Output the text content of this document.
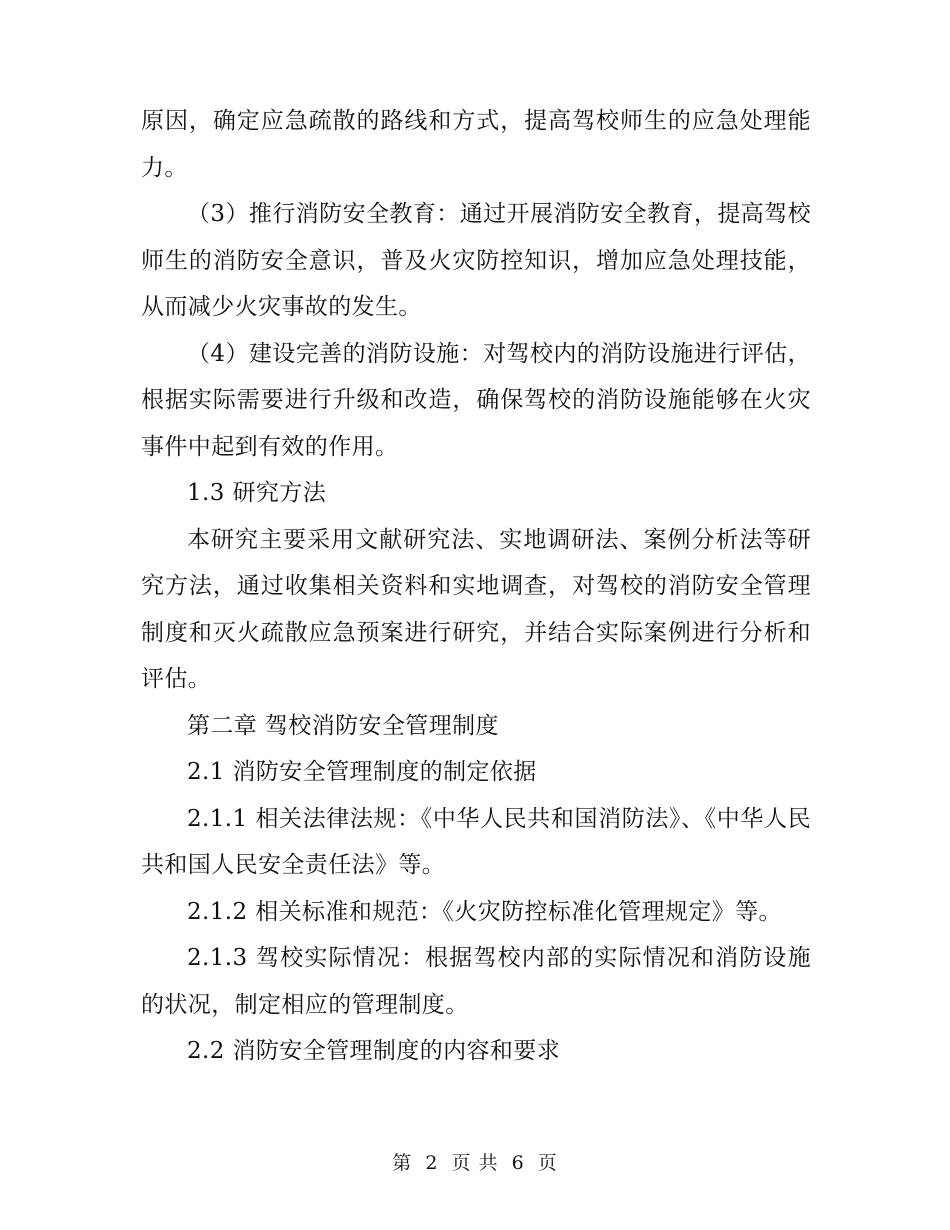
原因，确定应急疏散的路线和方式，提高驾校师生的应急处理能力。

（3）推行消防安全教育：通过开展消防安全教育，提高驾校师生的消防安全意识，普及火灾防控知识，增加应急处理技能，从而减少火灾事故的发生。

（4）建设完善的消防设施：对驾校内的消防设施进行评估，根据实际需要进行升级和改造，确保驾校的消防设施能够在火灾事件中起到有效的作用。

1.3 研究方法

本研究主要采用文献研究法、实地调研法、案例分析法等研究方法，通过收集相关资料和实地调查，对驾校的消防安全管理制度和灭火疏散应急预案进行研究，并结合实际案例进行分析和评估。

第二章 驾校消防安全管理制度

2.1 消防安全管理制度的制定依据

2.1.1 相关法律法规：《中华人民共和国消防法》、《中华人民共和国人民安全责任法》等。

2.1.2 相关标准和规范：《火灾防控标准化管理规定》等。

2.1.3 驾校实际情况：根据驾校内部的实际情况和消防设施的状况，制定相应的管理制度。

2.2 消防安全管理制度的内容和要求

第 2 页 共 6 页
